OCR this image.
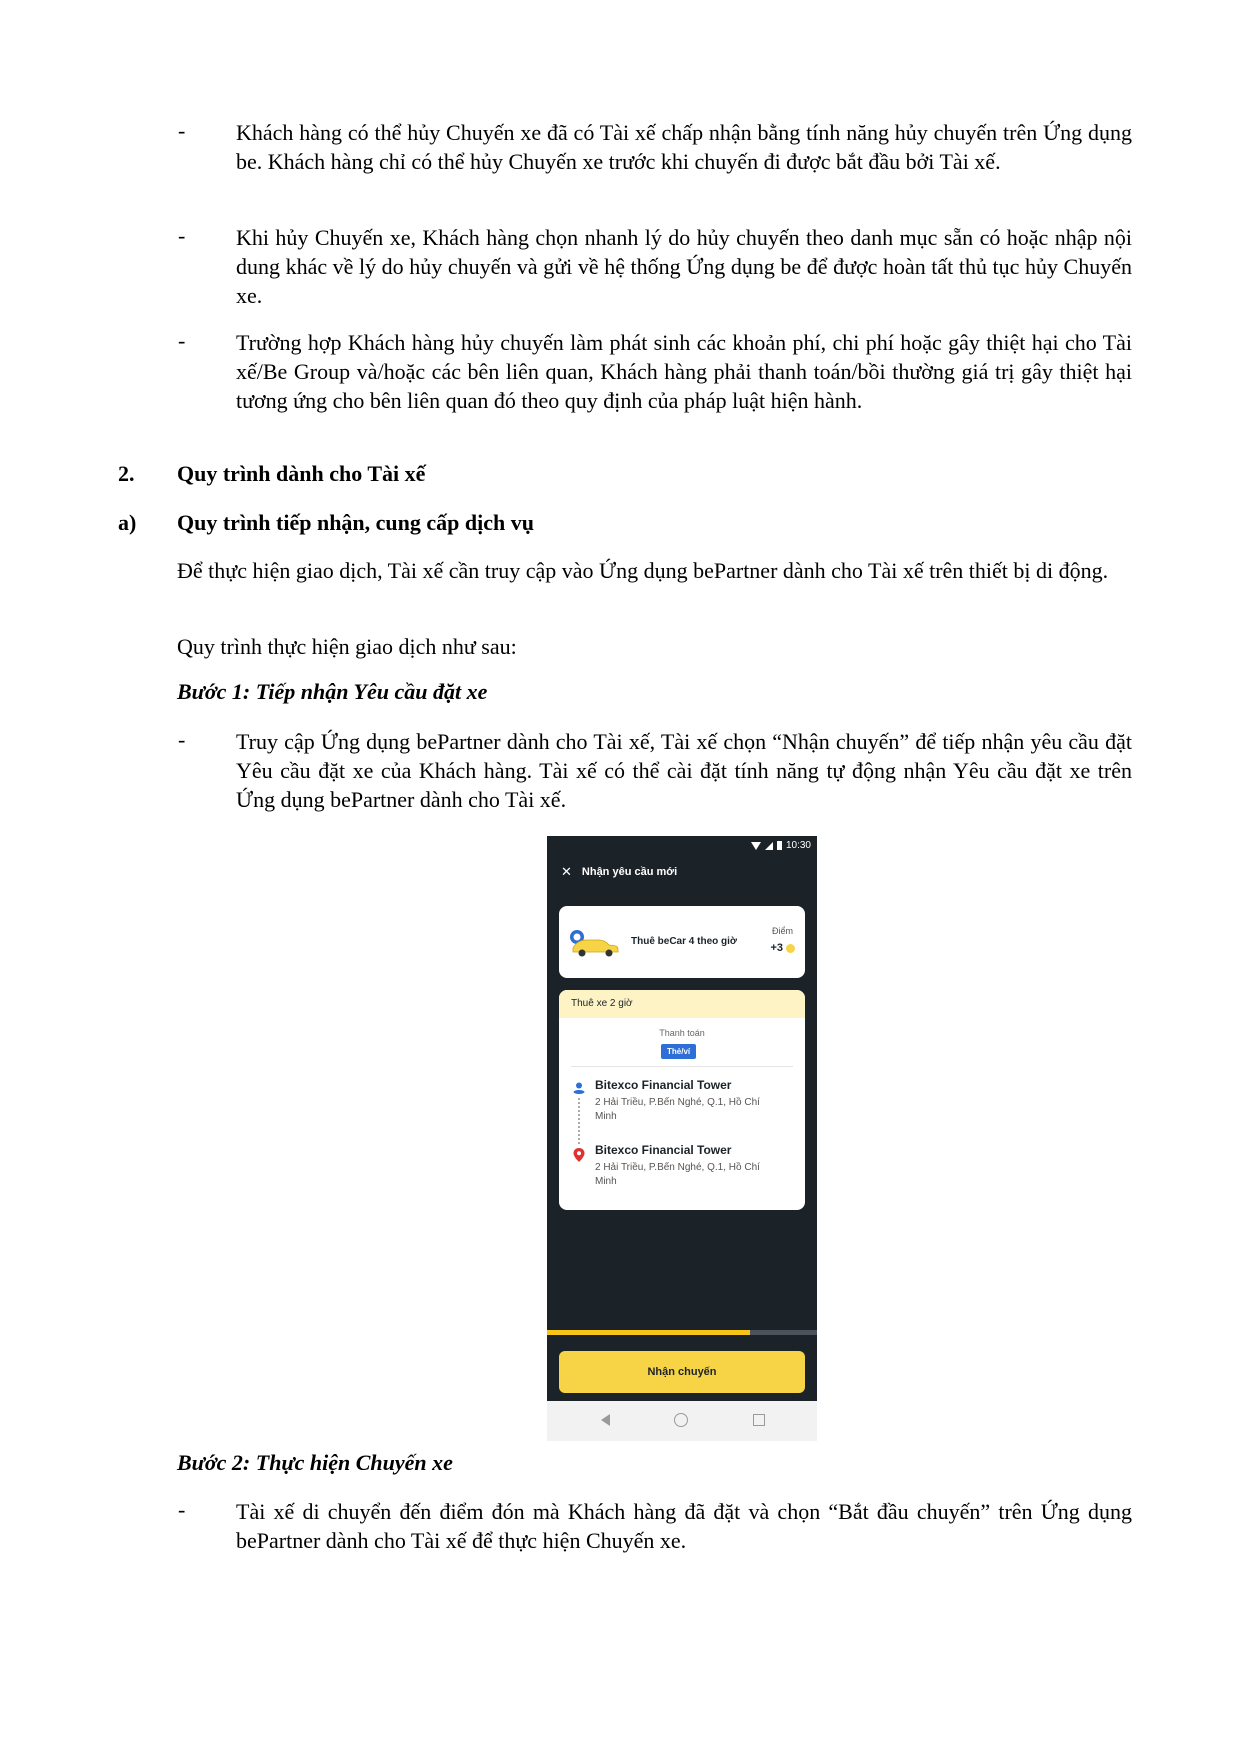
- Khách hàng có thể hủy Chuyến xe đã có Tài xế chấp nhận bằng tính năng hủy chuyến trên Ứng dụng be. Khách hàng chỉ có thể hủy Chuyến xe trước khi chuyến đi được bắt đầu bởi Tài xế.
- Khi hủy Chuyến xe, Khách hàng chọn nhanh lý do hủy chuyến theo danh mục sẵn có hoặc nhập nội dung khác về lý do hủy chuyến và gửi về hệ thống Ứng dụng be để được hoàn tất thủ tục hủy Chuyến xe.
- Trường hợp Khách hàng hủy chuyến làm phát sinh các khoản phí, chi phí hoặc gây thiệt hại cho Tài xế/Be Group và/hoặc các bên liên quan, Khách hàng phải thanh toán/bồi thường giá trị gây thiệt hại tương ứng cho bên liên quan đó theo quy định của pháp luật hiện hành.
2. Quy trình dành cho Tài xế
a) Quy trình tiếp nhận, cung cấp dịch vụ
Để thực hiện giao dịch, Tài xế cần truy cập vào Ứng dụng bePartner dành cho Tài xế trên thiết bị di động.
Quy trình thực hiện giao dịch như sau:
Bước 1: Tiếp nhận Yêu cầu đặt xe
- Truy cập Ứng dụng bePartner dành cho Tài xế, Tài xế chọn “Nhận chuyến” để tiếp nhận yêu cầu đặt Yêu cầu đặt xe của Khách hàng. Tài xế có thể cài đặt tính năng tự động nhận Yêu cầu đặt xe trên Ứng dụng bePartner dành cho Tài xế.
10:30
✕ Nhận yêu cầu mới
Thuê beCar 4 theo giờ
Điểm
+3
Thuê xe 2 giờ
Thanh toán
Thẻ/ví
Bitexco Financial Tower
2 Hải Triều, P.Bến Nghé, Q.1, Hồ Chí Minh
Bitexco Financial Tower
2 Hải Triều, P.Bến Nghé, Q.1, Hồ Chí Minh
Nhận chuyến
Bước 2: Thực hiện Chuyến xe
- Tài xế di chuyển đến điểm đón mà Khách hàng đã đặt và chọn “Bắt đầu chuyến” trên Ứng dụng bePartner dành cho Tài xế để thực hiện Chuyến xe.
